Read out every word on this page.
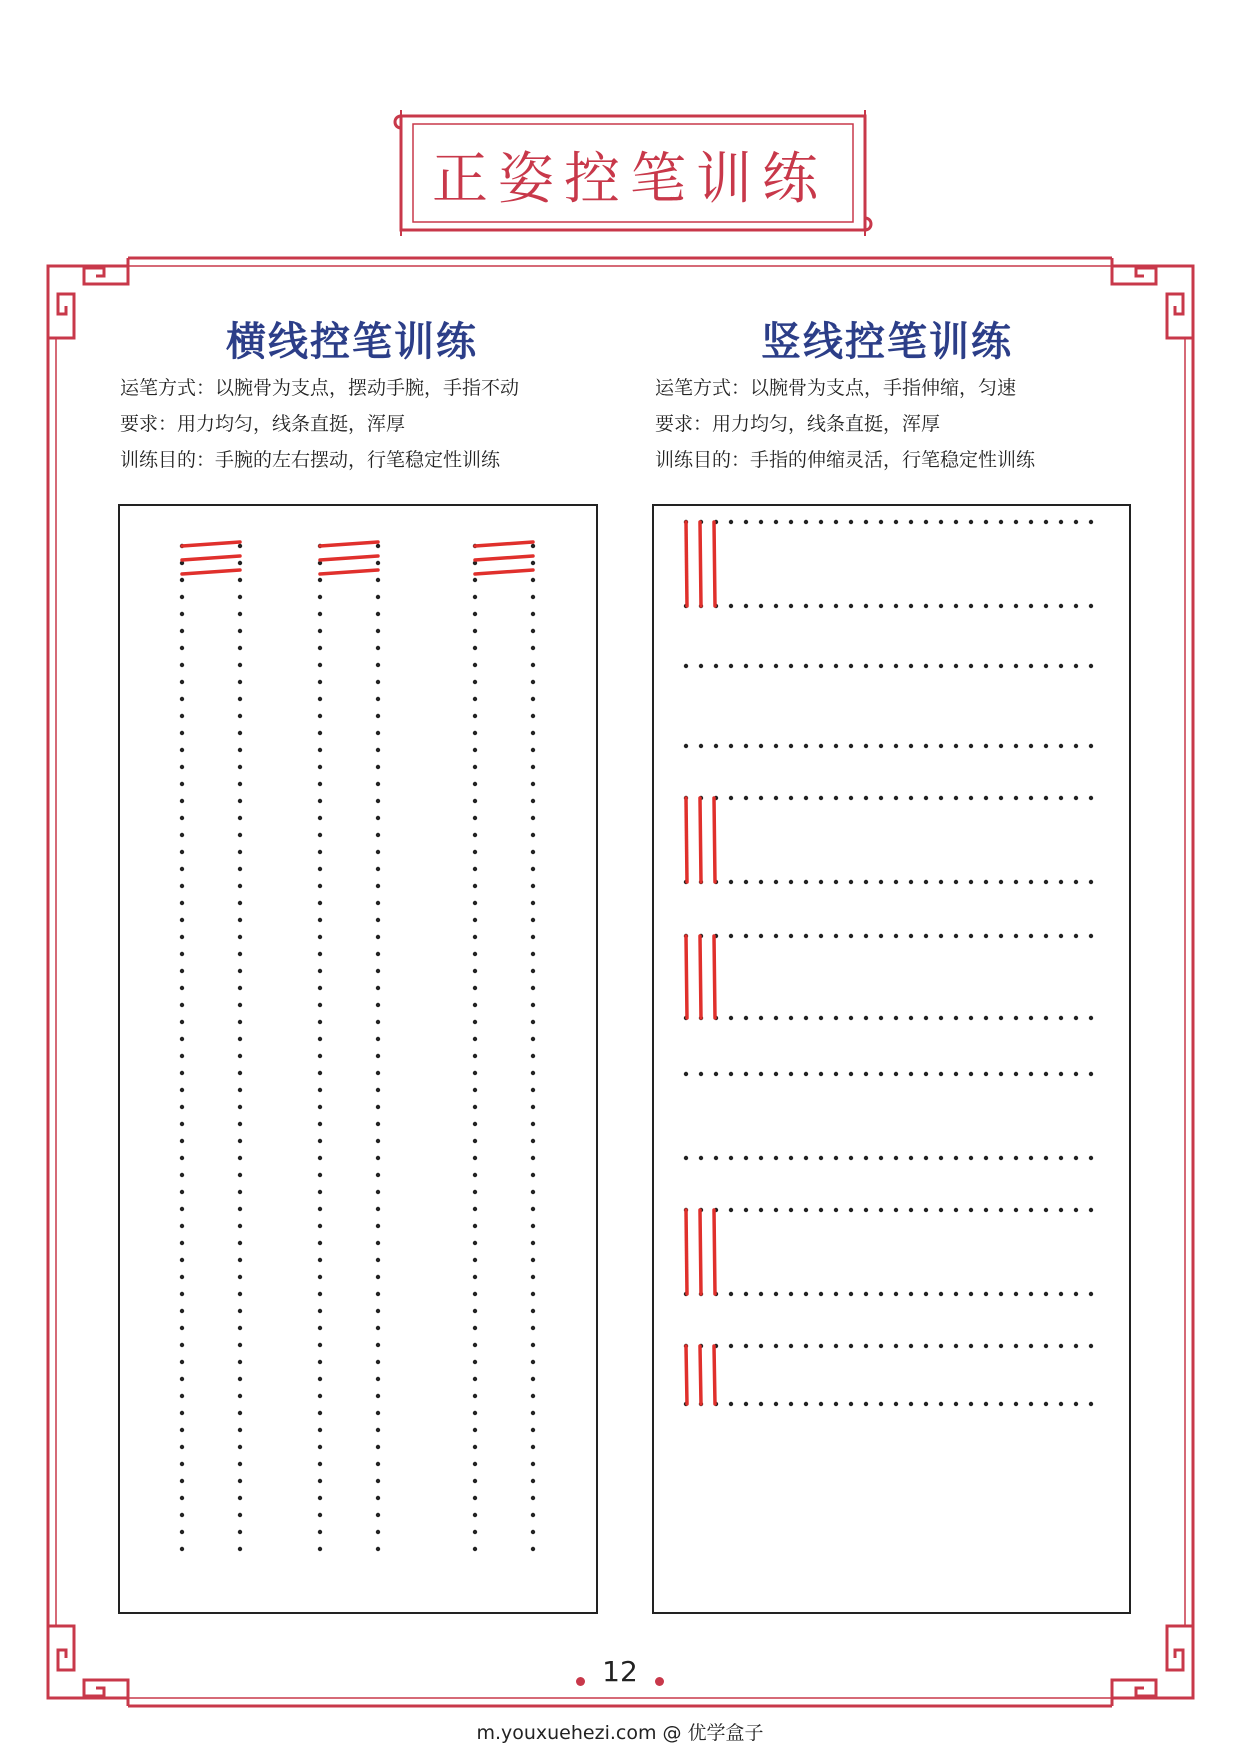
正姿控笔训练
横线控笔训练
运笔方式：以腕骨为支点，摆动手腕，手指不动
要求：用力均匀，线条直挺，浑厚
训练目的：手腕的左右摆动，行笔稳定性训练
竖线控笔训练
运笔方式：以腕骨为支点，手指伸缩，匀速
要求：用力均匀，线条直挺，浑厚
训练目的：手指的伸缩灵活，行笔稳定性训练
12
m.youxuehezi.com @ 优学盒子
